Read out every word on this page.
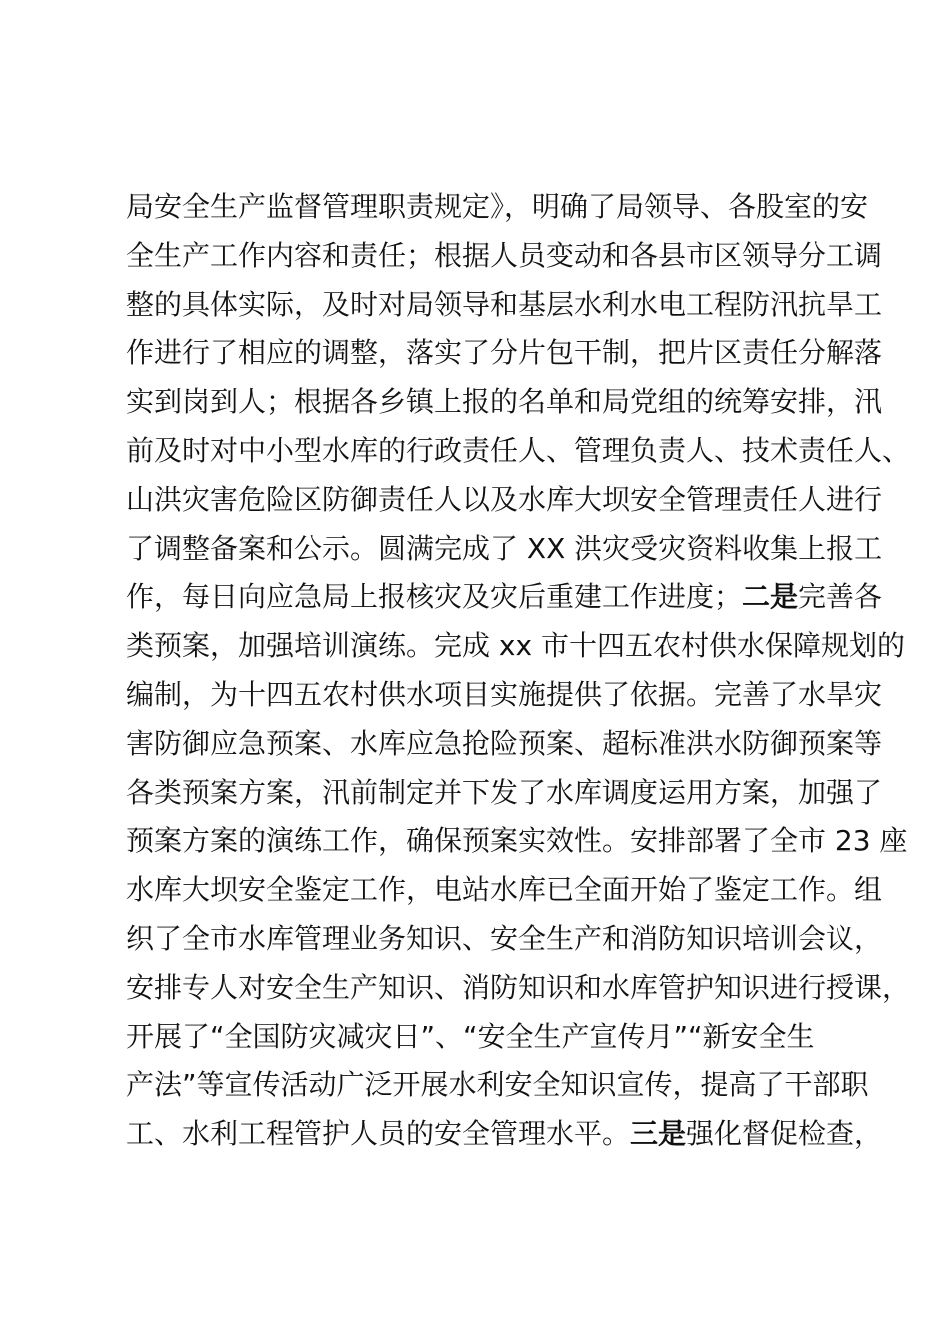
局安全生产监督管理职责规定》，明确了局领导、各股室的安
全生产工作内容和责任；根据人员变动和各县市区领导分工调
整的具体实际，及时对局领导和基层水利水电工程防汛抗旱工
作进行了相应的调整，落实了分片包干制，把片区责任分解落
实到岗到人；根据各乡镇上报的名单和局党组的统筹安排，汛
前及时对中小型水库的行政责任人、管理负责人、技术责任人、
山洪灾害危险区防御责任人以及水库大坝安全管理责任人进行
了调整备案和公示。圆满完成了 XX 洪灾受灾资料收集上报工
作，每日向应急局上报核灾及灾后重建工作进度；二是完善各
类预案，加强培训演练。完成 xx 市十四五农村供水保障规划的
编制，为十四五农村供水项目实施提供了依据。完善了水旱灾
害防御应急预案、水库应急抢险预案、超标准洪水防御预案等
各类预案方案，汛前制定并下发了水库调度运用方案，加强了
预案方案的演练工作，确保预案实效性。安排部署了全市 23 座
水库大坝安全鉴定工作，电站水库已全面开始了鉴定工作。组
织了全市水库管理业务知识、安全生产和消防知识培训会议，
安排专人对安全生产知识、消防知识和水库管护知识进行授课，
开展了“全国防灾减灾日”、“安全生产宣传月”“新安全生
产法”等宣传活动广泛开展水利安全知识宣传，提高了干部职
工、水利工程管护人员的安全管理水平。三是强化督促检查，
